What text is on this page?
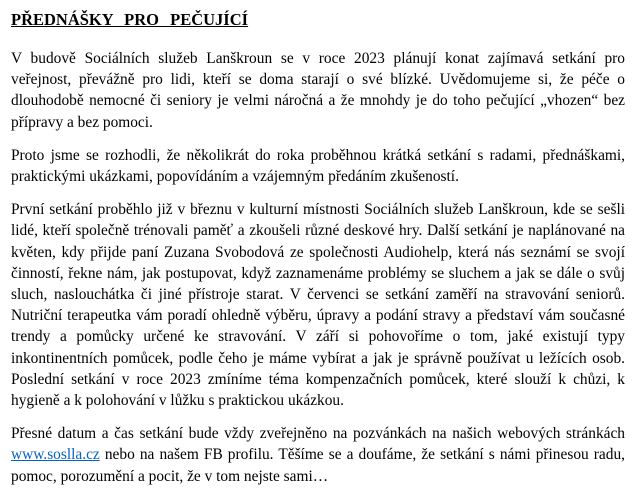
PŘEDNÁŠKY PRO PEČUJÍCÍ

V budově Sociálních služeb Lanškroun se v roce 2023 plánují konat zajímavá setkání pro veřejnost, převážně pro lidi, kteří se doma starají o své blízké. Uvědomujeme si, že péče o dlouhodobě nemocné či seniory je velmi náročná a že mnohdy je do toho pečující „vhozen“ bez přípravy a bez pomoci.

Proto jsme se rozhodli, že několikrát do roka proběhnou krátká setkání s radami, přednáškami, praktickými ukázkami, popovídáním a vzájemným předáním zkušeností.

První setkání proběhlo již v březnu v kulturní místnosti Sociálních služeb Lanškroun, kde se sešli lidé, kteří společně trénovali paměť a zkoušeli různé deskové hry. Další setkání je naplánované na květen, kdy přijde paní Zuzana Svobodová ze společnosti Audiohelp, která nás seznámí se svojí činností, řekne nám, jak postupovat, když zaznamenáme problémy se sluchem a jak se dále o svůj sluch, naslouchátka či jiné přístroje starat. V červenci se setkání zaměří na stravování seniorů. Nutriční terapeutka vám poradí ohledně výběru, úpravy a podání stravy a představí vám současné trendy a pomůcky určené ke stravování. V září si pohovoříme o tom, jaké existují typy inkontinentních pomůcek, podle čeho je máme vybírat a jak je správně používat u ležících osob. Poslední setkání v roce 2023 zmíníme téma kompenzačních pomůcek, které slouží k chůzi, k hygieně a k polohování v lůžku s praktickou ukázkou.

Přesné datum a čas setkání bude vždy zveřejněno na pozvánkách na našich webových stránkách www.soslla.cz nebo na našem FB profilu. Těšíme se a doufáme, že setkání s námi přinesou radu, pomoc, porozumění a pocit, že v tom nejste sami…
